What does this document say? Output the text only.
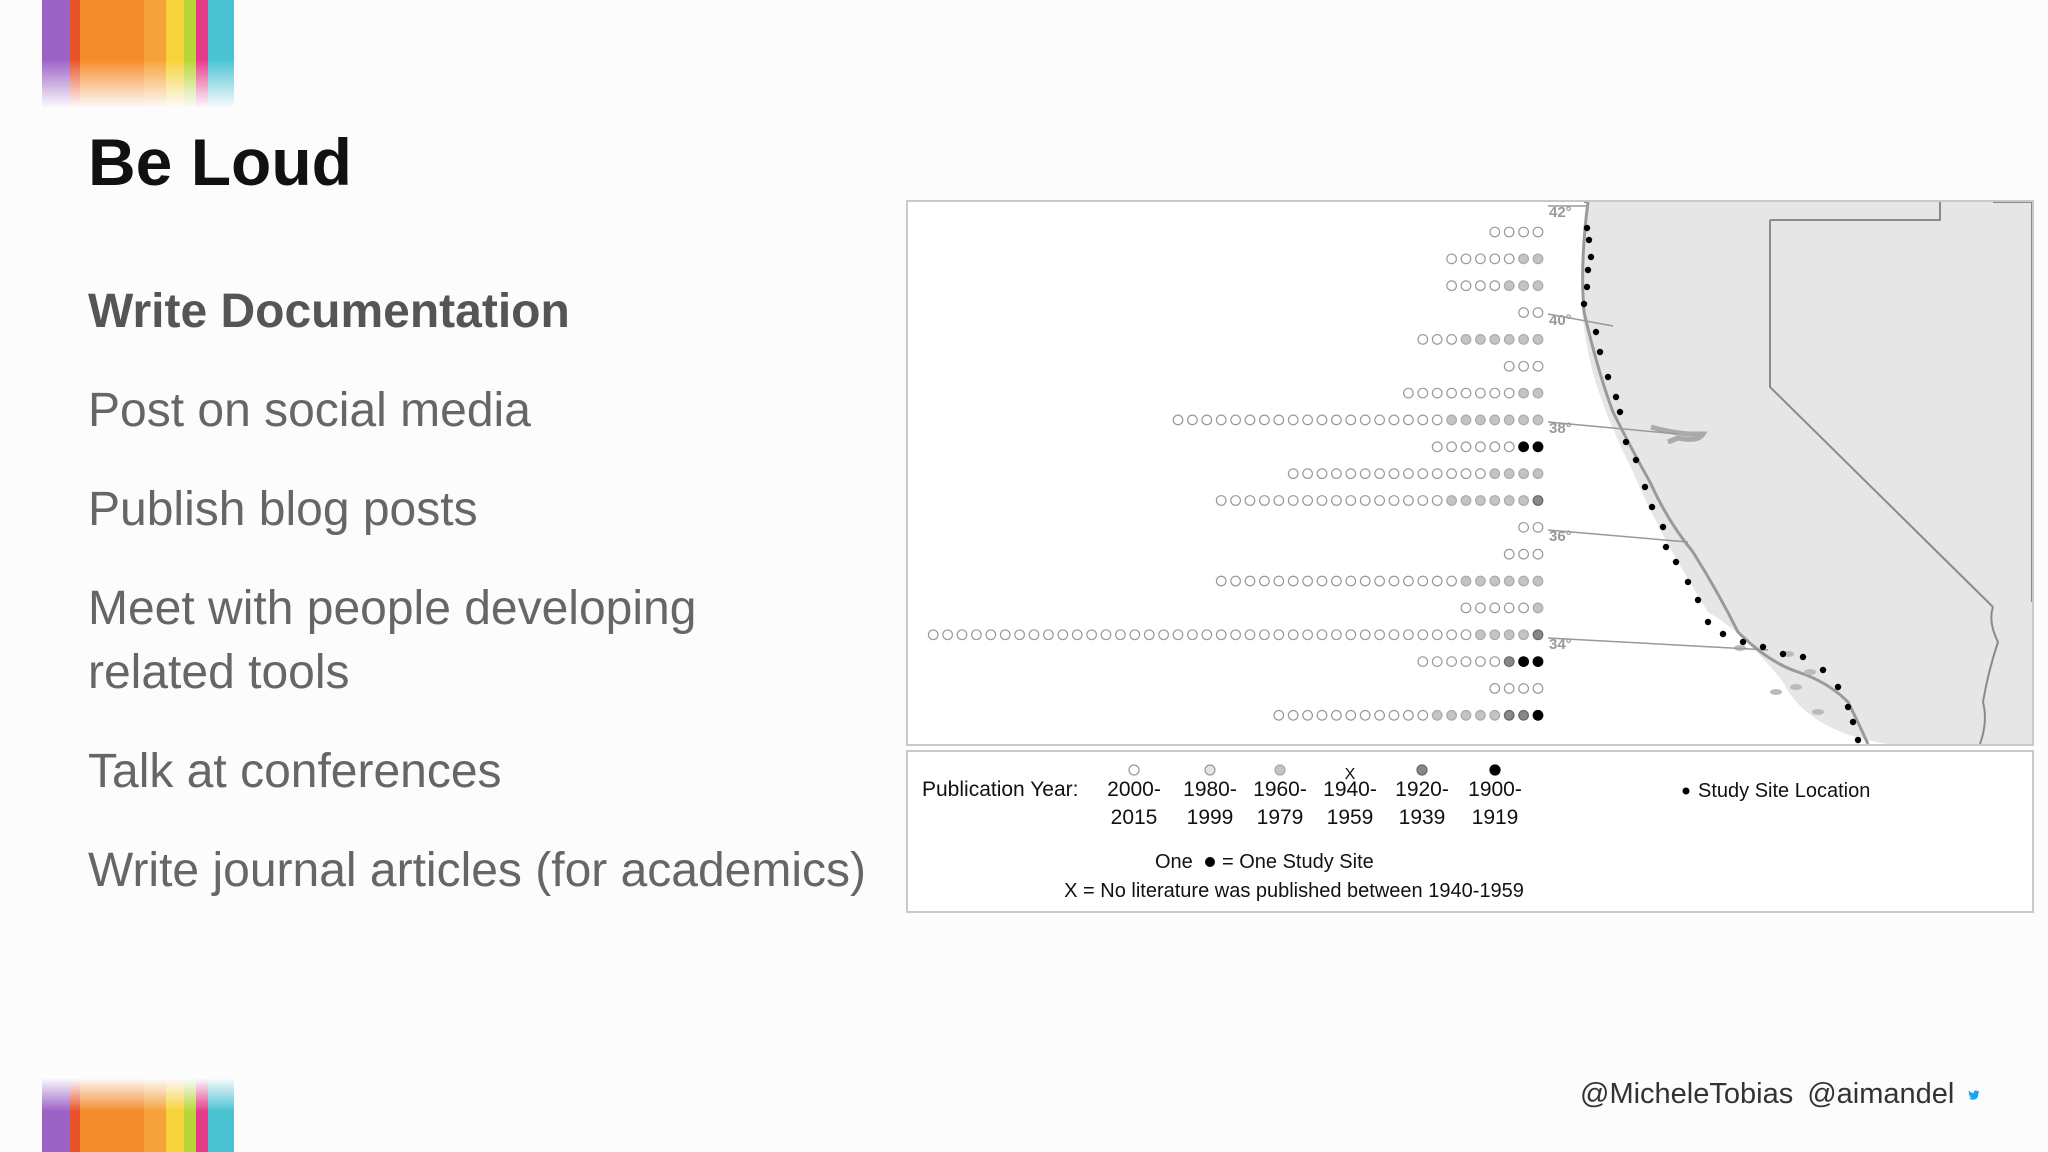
Be Loud
Write Documentation
Post on social media
Publish blog posts
Meet with people developing related tools
Talk at conferences
Write journal articles (for academics)
42°
40°
38°
36°
34°
Publication Year: 2000-
2015
1980-
1999
1960-
1979
X
1940-
1959
1920-
1939
1900-
1919
One = One Study Site
X = No literature was published between 1940-1959
Study Site Location
@MicheleTobias @aimandel
